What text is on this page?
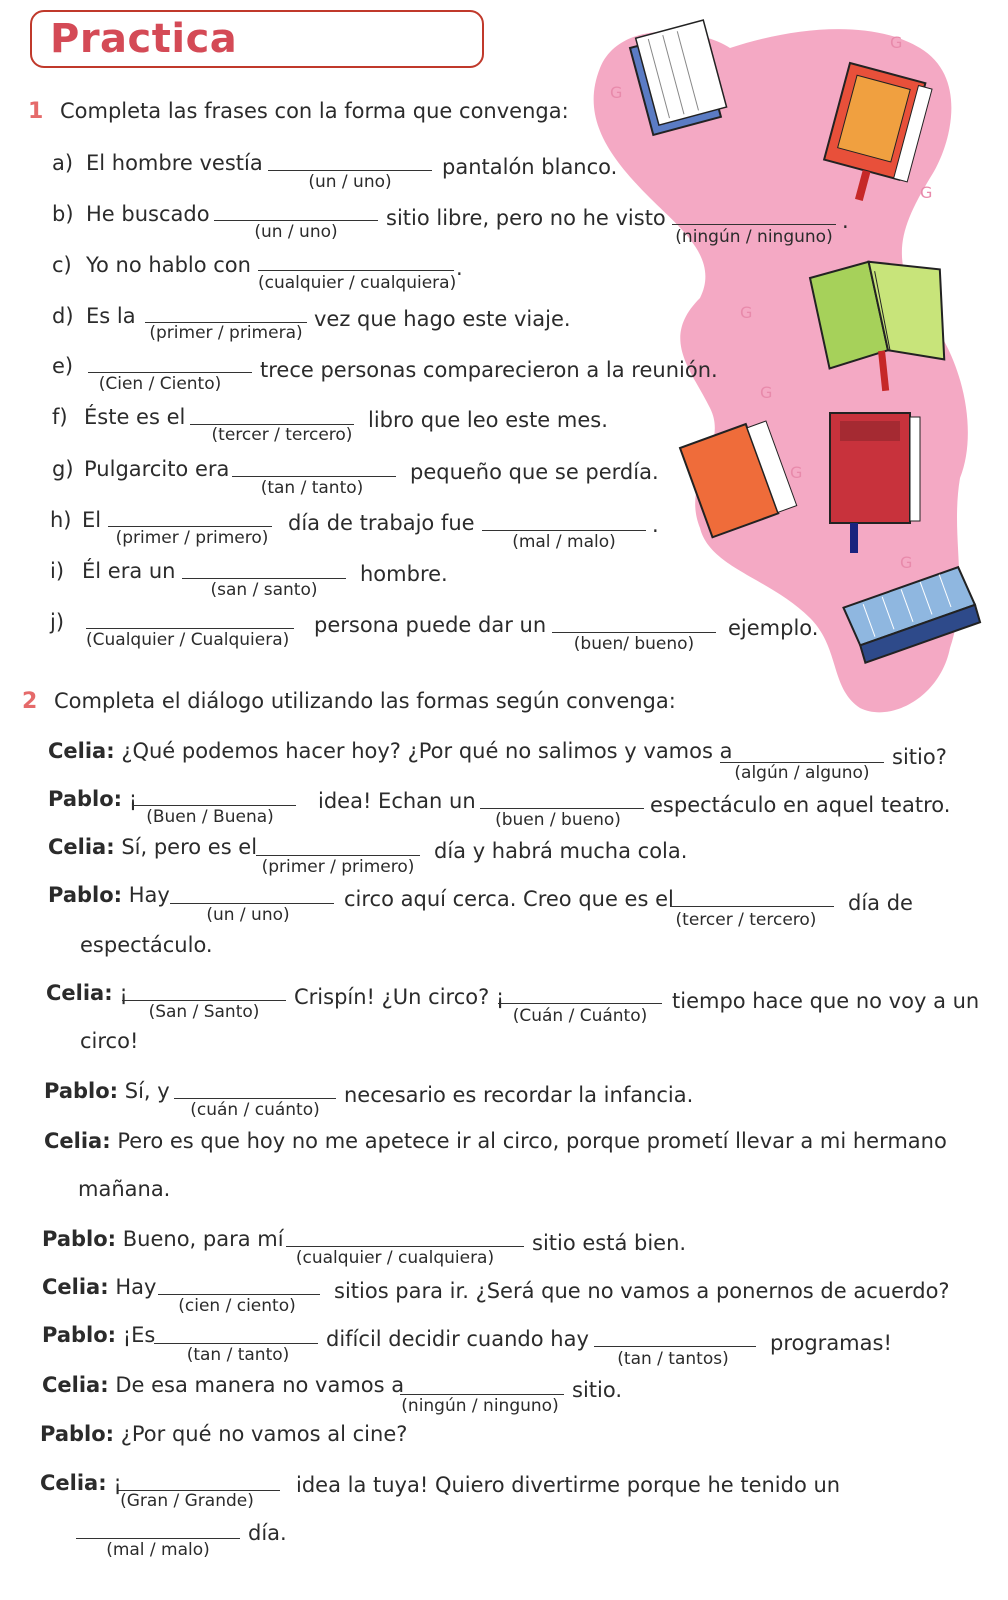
G
G
G
G
G
G
G
Practica
1 Completa las frases con la forma que convenga:
a) El hombre vestía
(un / uno)
pantalón blanco.
b) He buscado
(un / uno)
sitio libre, pero no he visto
(ningún / ninguno)
.
c) Yo no hablo con
(cualquier / cualquiera)
.
d) Es la
(primer / primera)
vez que hago este viaje.
e)
(Cien / Ciento)
trece personas comparecieron a la reunión.
f) Éste es el
(tercer / tercero)
libro que leo este mes.
g) Pulgarcito era
(tan / tanto)
pequeño que se perdía.
h) El
(primer / primero)
día de trabajo fue
(mal / malo)
.
i) Él era un
(san / santo)
hombre.
j)
(Cualquier / Cualquiera)
persona puede dar un
(buen/ bueno)
ejemplo.
2 Completa el diálogo utilizando las formas según convenga:
Celia: ¿Qué podemos hacer hoy? ¿Por qué no salimos y vamos a
(algún / alguno)
sitio?
Pablo: ¡
(Buen / Buena)
idea! Echan un
(buen / bueno)
espectáculo en aquel teatro.
Celia: Sí, pero es el
(primer / primero)
día y habrá mucha cola.
Pablo: Hay
(un / uno)
circo aquí cerca. Creo que es el
(tercer / tercero)
día de
espectáculo.
Celia: ¡
(San / Santo)
Crispín! ¿Un circo? ¡
(Cuán / Cuánto)
tiempo hace que no voy a un
circo!
Pablo: Sí, y
(cuán / cuánto)
necesario es recordar la infancia.
Celia: Pero es que hoy no me apetece ir al circo, porque prometí llevar a mi hermano
mañana.
Pablo: Bueno, para mí
(cualquier / cualquiera)
sitio está bien.
Celia: Hay
(cien / ciento)
sitios para ir. ¿Será que no vamos a ponernos de acuerdo?
Pablo: ¡Es
(tan / tanto)
difícil decidir cuando hay
(tan / tantos)
programas!
Celia: De esa manera no vamos a
(ningún / ninguno)
sitio.
Pablo: ¿Por qué no vamos al cine?
Celia: ¡
(Gran / Grande)
idea la tuya! Quiero divertirme porque he tenido un
(mal / malo)
día.
